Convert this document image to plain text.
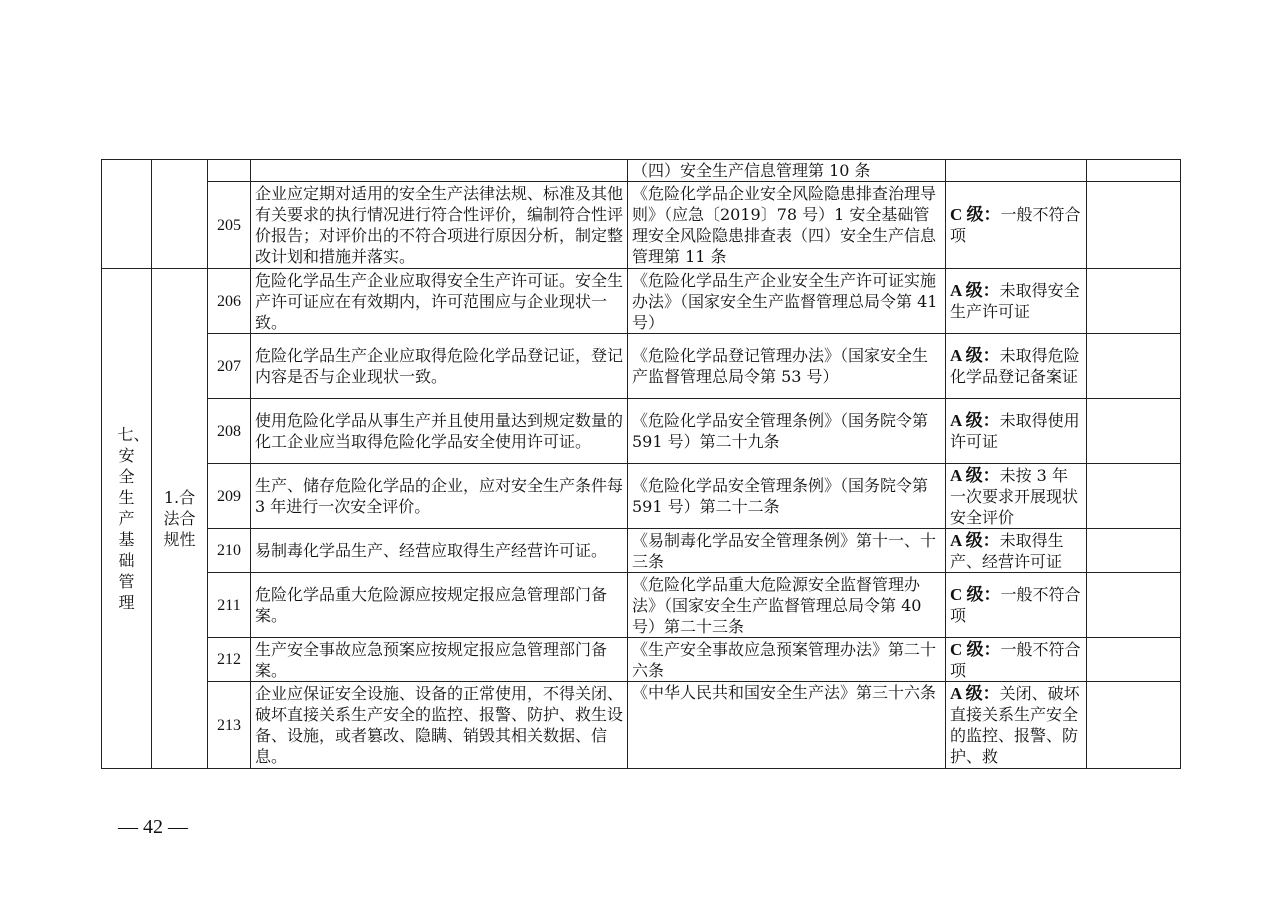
				（四）安全生产信息管理第 10 条		

		205	企业应定期对适用的安全生产法律法规、标准及其他有关要求的执行情况进行符合性评价，编制符合性评价报告；对评价出的不符合项进行原因分析，制定整改计划和措施并落实。	《危险化学品企业安全风险隐患排查治理导则》（应急〔2019〕78 号）1 安全基础管理安全风险隐患排查表（四）安全生产信息管理第 11 条	C 级：一般不符合项	

七、安全生产基础管理	1.合法合规性	206	危险化学品生产企业应取得安全生产许可证。安全生产许可证应在有效期内，许可范围应与企业现状一致。	《危险化学品生产企业安全生产许可证实施办法》（国家安全生产监督管理总局令第 41 号）	A 级：未取得安全生产许可证	
		207	危险化学品生产企业应取得危险化学品登记证，登记内容是否与企业现状一致。	《危险化学品登记管理办法》（国家安全生产监督管理总局令第 53 号）	A 级：未取得危险化学品登记备案证	
		208	使用危险化学品从事生产并且使用量达到规定数量的化工企业应当取得危险化学品安全使用许可证。	《危险化学品安全管理条例》（国务院令第 591 号）第二十九条	A 级：未取得使用许可证	
		209	生产、储存危险化学品的企业，应对安全生产条件每 3 年进行一次安全评价。	《危险化学品安全管理条例》（国务院令第 591 号）第二十二条	A 级：未按 3 年一次要求开展现状安全评价	
		210	易制毒化学品生产、经营应取得生产经营许可证。	《易制毒化学品安全管理条例》第十一、十三条	A 级：未取得生产、经营许可证	

		211	危险化学品重大危险源应按规定报应急管理部门备案。	《危险化学品重大危险源安全监督管理办法》（国家安全生产监督管理总局令第 40 号）第二十三条	C 级：一般不符合项	
		212	生产安全事故应急预案应按规定报应急管理部门备案。	《生产安全事故应急预案管理办法》第二十六条	C 级：一般不符合项	

		213	企业应保证安全设施、设备的正常使用，不得关闭、破坏直接关系生产安全的监控、报警、防护、救生设备、设施，或者篡改、隐瞒、销毁其相关数据、信息。	《中华人民共和国安全生产法》第三十六条	A 级：关闭、破坏直接关系生产安全的监控、报警、防护、救	

— 42 —
